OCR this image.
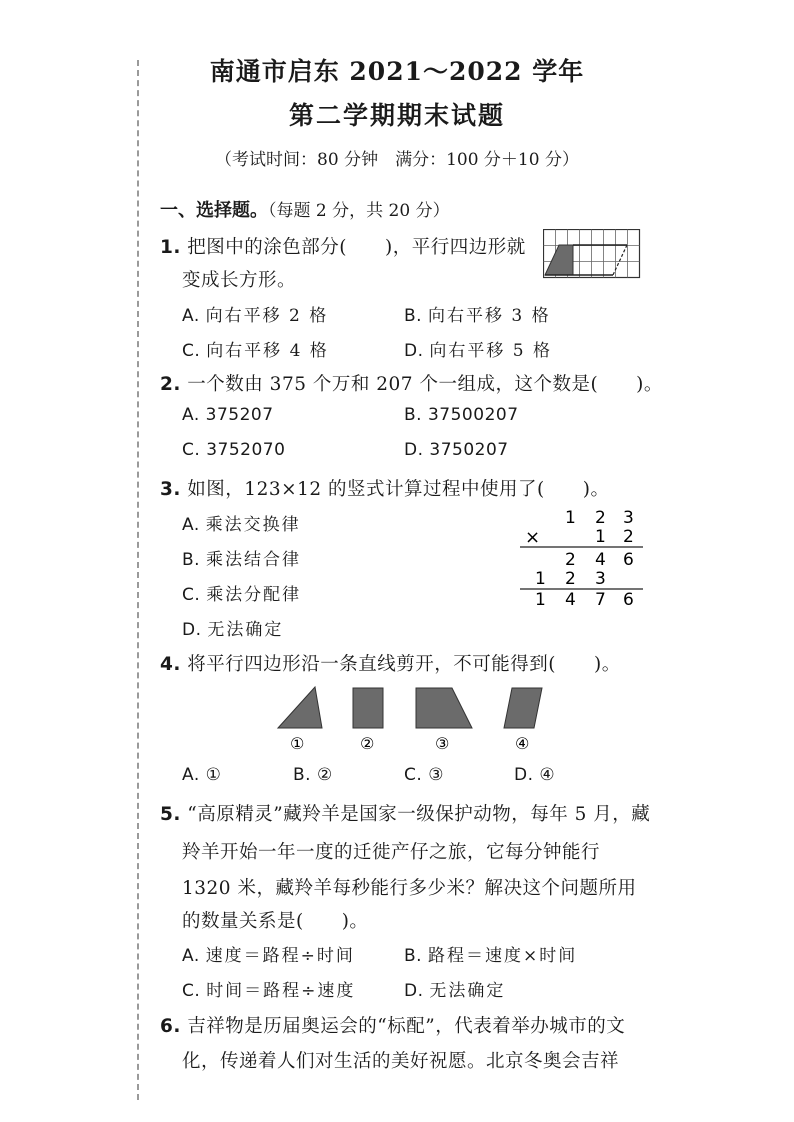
南通市启东 2021～2022 学年
第二学期期末试题
（考试时间：80 分钟　满分：100 分＋10 分）
一、选择题。（每题 2 分，共 20 分）
1. 把图中的涂色部分(　　)，平行四边形就
变成长方形。
A. 向右平移 2 格	B. 向右平移 3 格
C. 向右平移 4 格	D. 向右平移 5 格
2. 一个数由 375 个万和 207 个一组成，这个数是(　　)。
A. 375207	B. 37500207
C. 3752070	D. 3750207
3. 如图，123×12 的竖式计算过程中使用了(　　)。
A. 乘法交换律
B. 乘法结合律
C. 乘法分配律
D. 无法确定
1 2 3
×	1 2
2 4 6
1 2 3
1 4 7 6
4. 将平行四边形沿一条直线剪开，不可能得到(　　)。
①	②	③	④
A. ①	B. ②	C. ③	D. ④
5. “高原精灵”藏羚羊是国家一级保护动物，每年 5 月，藏
羚羊开始一年一度的迁徙产仔之旅，它每分钟能行
1320 米，藏羚羊每秒能行多少米？解决这个问题所用
的数量关系是(　　)。
A. 速度＝路程÷时间	B. 路程＝速度×时间
C. 时间＝路程÷速度	D. 无法确定
6. 吉祥物是历届奥运会的“标配”，代表着举办城市的文
化，传递着人们对生活的美好祝愿。北京冬奥会吉祥
